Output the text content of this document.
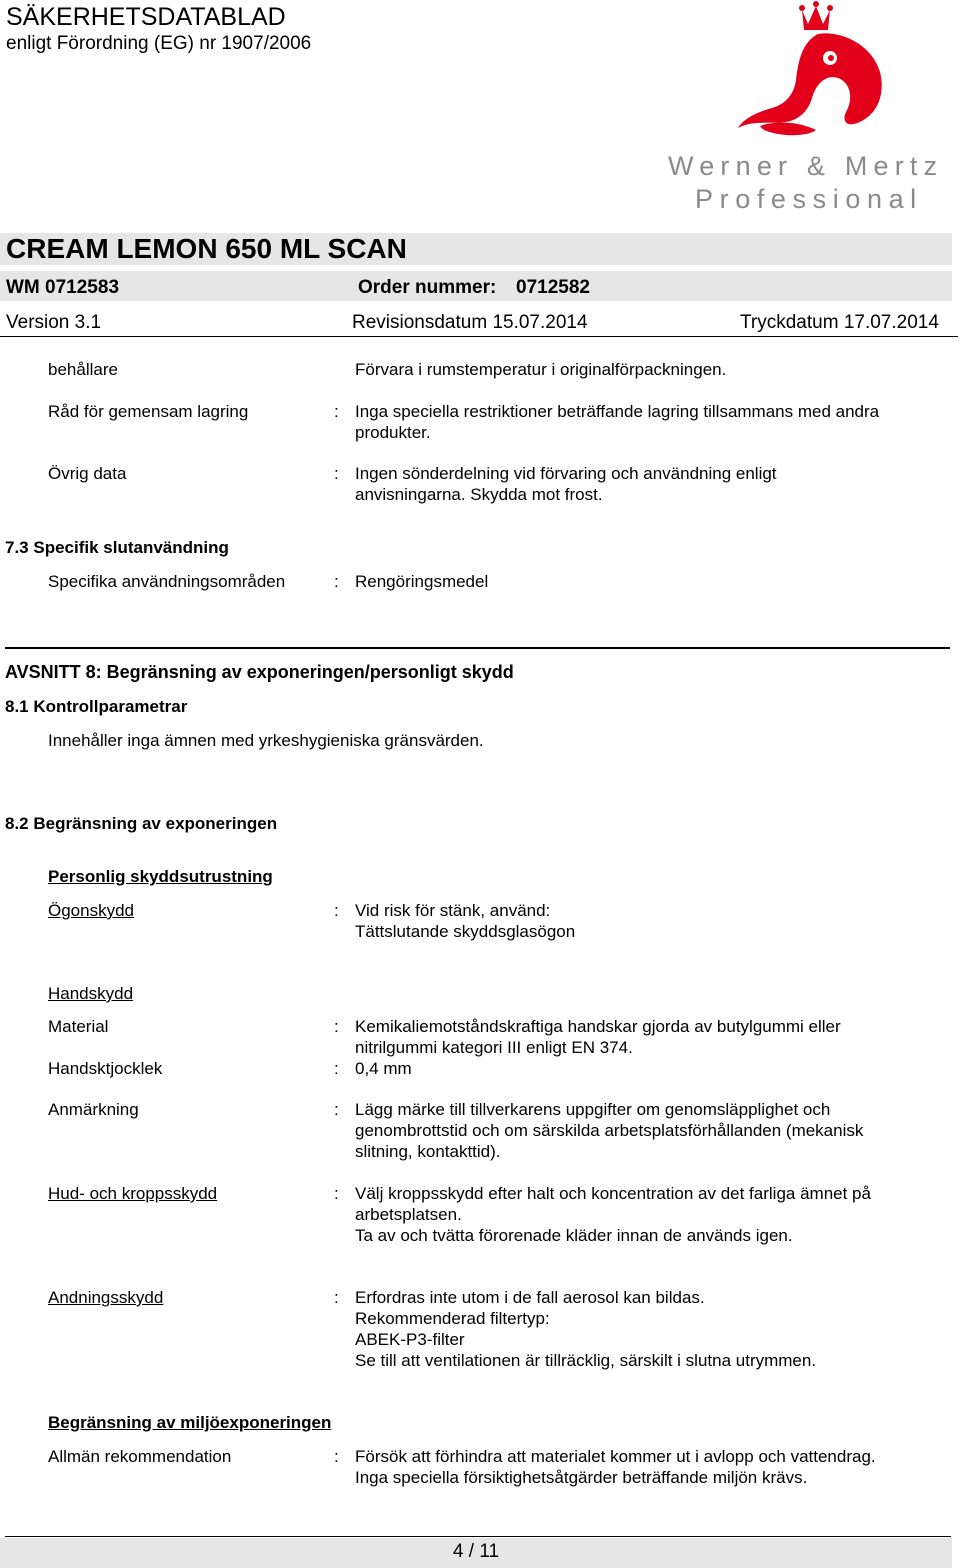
SÄKERHETSDATABLAD
enligt Förordning (EG) nr 1907/2006
Werner & Mertz
Professional
CREAM LEMON 650 ML SCAN
WM 0712583	Order nummer: 0712582
Version 3.1	Revisionsdatum 15.07.2014	Tryckdatum 17.07.2014
behållare	Förvara i rumstemperatur i originalförpackningen.
Råd för gemensam lagring	: Inga speciella restriktioner beträffande lagring tillsammans med andra
produkter.
Övrig data	: Ingen sönderdelning vid förvaring och användning enligt
anvisningarna. Skydda mot frost.
7.3 Specifik slutanvändning
Specifika användningsområden	: Rengöringsmedel
AVSNITT 8: Begränsning av exponeringen/personligt skydd
8.1 Kontrollparametrar
Innehåller inga ämnen med yrkeshygieniska gränsvärden.
8.2 Begränsning av exponeringen
Personlig skyddsutrustning
Ögonskydd	: Vid risk för stänk, använd:
Tättslutande skyddsglasögon
Handskydd
Material	: Kemikaliemotståndskraftiga handskar gjorda av butylgummi eller
nitrilgummi kategori III enligt EN 374.
Handsktjocklek	: 0,4 mm
Anmärkning	: Lägg märke till tillverkarens uppgifter om genomsläpplighet och
genombrottstid och om särskilda arbetsplatsförhållanden (mekanisk
slitning, kontakttid).
Hud- och kroppsskydd	: Välj kroppsskydd efter halt och koncentration av det farliga ämnet på
arbetsplatsen.
Ta av och tvätta förorenade kläder innan de används igen.
Andningsskydd	: Erfordras inte utom i de fall aerosol kan bildas.
Rekommenderad filtertyp:
ABEK-P3-filter
Se till att ventilationen är tillräcklig, särskilt i slutna utrymmen.
Begränsning av miljöexponeringen
Allmän rekommendation	: Försök att förhindra att materialet kommer ut i avlopp och vattendrag.
Inga speciella försiktighetsåtgärder beträffande miljön krävs.
4 / 11
